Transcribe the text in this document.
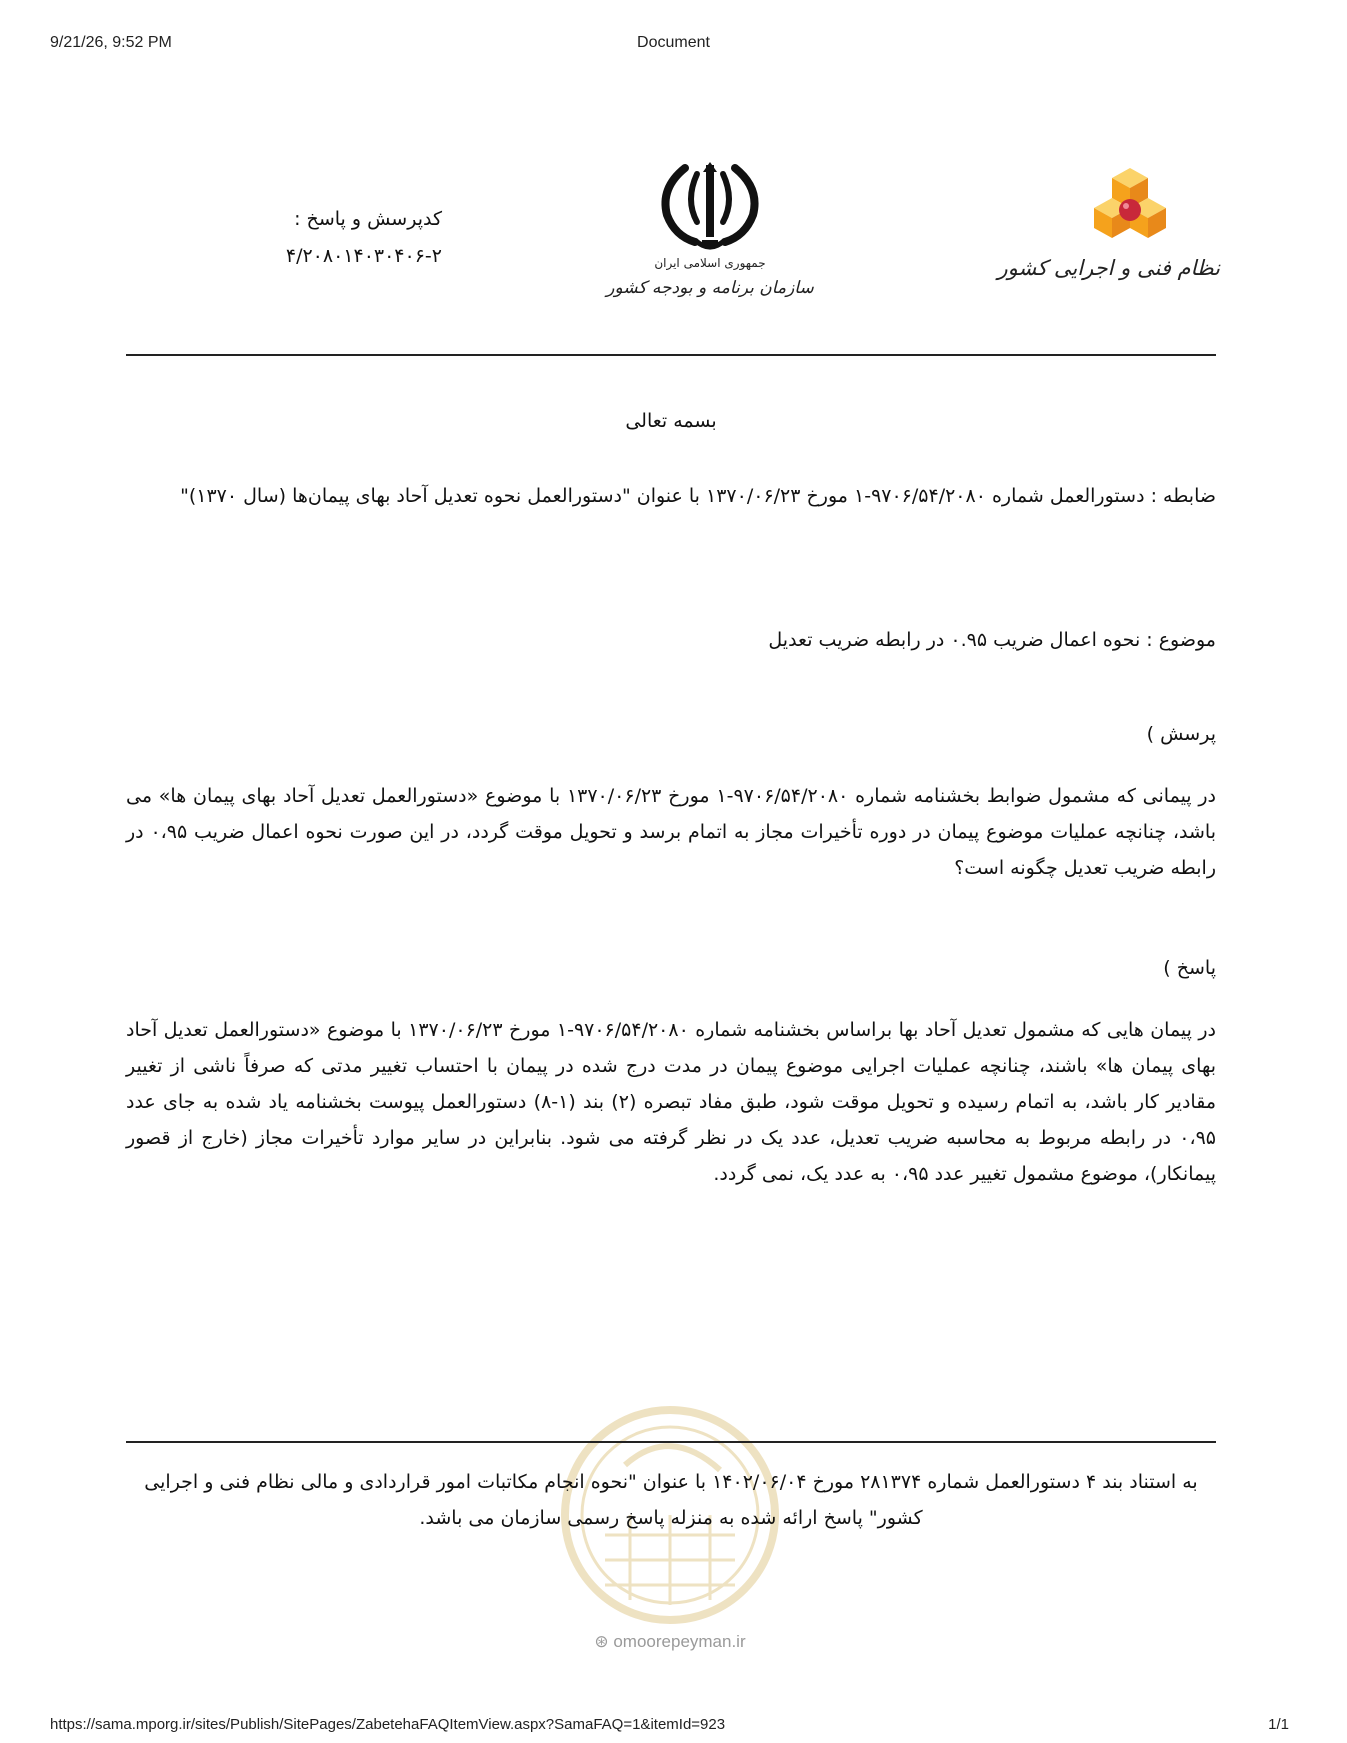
9/21/26, 9:52 PM	Document
کدپرسش و پاسخ :
۴/۲۰۸۰۱۴۰۳۰۴۰۶-۲	جمهوری اسلامی ایران
سازمان برنامه و بودجه کشور
نظام فنی و اجرایی کشور
بسمه تعالی
ضابطه : دستورالعمل شماره ۹۷۰۶/۵۴/۲۰۸۰-۱ مورخ ۱۳۷۰/۰۶/۲۳ با عنوان "دستورالعمل نحوه تعدیل آحاد بهای پیمان‌ها (سال ۱۳۷۰)"
موضوع : نحوه اعمال ضریب ۰.۹۵ در رابطه ضریب تعدیل
پرسش )
در پیمانی که مشمول ضوابط بخشنامه شماره ۹۷۰۶/۵۴/۲۰۸۰-۱ مورخ ۱۳۷۰/۰۶/۲۳ با موضوع «دستورالعمل تعدیل آحاد بهای پیمان ها» می باشد، چنانچه عملیات موضوع پیمان در دوره تأخیرات مجاز به اتمام برسد و تحویل موقت گردد، در این صورت نحوه اعمال ضریب ۰،۹۵ در رابطه ضریب تعدیل چگونه است؟
پاسخ )
در پیمان هایی که مشمول تعدیل آحاد بها براساس بخشنامه شماره ۹۷۰۶/۵۴/۲۰۸۰-۱ مورخ ۱۳۷۰/۰۶/۲۳ با موضوع «دستورالعمل تعدیل آحاد بهای پیمان ها» باشند، چنانچه عملیات اجرایی موضوع پیمان در مدت درج شده در پیمان با احتساب تغییر مدتی که صرفاً ناشی از تغییر مقادیر کار باشد، به اتمام رسیده و تحویل موقت شود، طبق مفاد تبصره (۲) بند (۱-۸) دستورالعمل پیوست بخشنامه یاد شده به جای عدد ۰،۹۵ در رابطه مربوط به محاسبه ضریب تعدیل، عدد یک در نظر گرفته می شود. بنابراین در سایر موارد تأخیرات مجاز (خارج از قصور پیمانکار)، موضوع مشمول تغییر عدد ۰،۹۵ به عدد یک، نمی گردد.
⊛ omoorepeyman.ir
به استناد بند ۴ دستورالعمل شماره ۲۸۱۳۷۴ مورخ ۱۴۰۲/۰۶/۰۴ با عنوان "نحوه انجام مکاتبات امور قراردادی و مالی نظام فنی و اجرایی کشور" پاسخ ارائه شده به منزله پاسخ رسمی سازمان می باشد.
https://sama.mporg.ir/sites/Publish/SitePages/ZabetehaFAQItemView.aspx?SamaFAQ=1&itemId=923	1/1
